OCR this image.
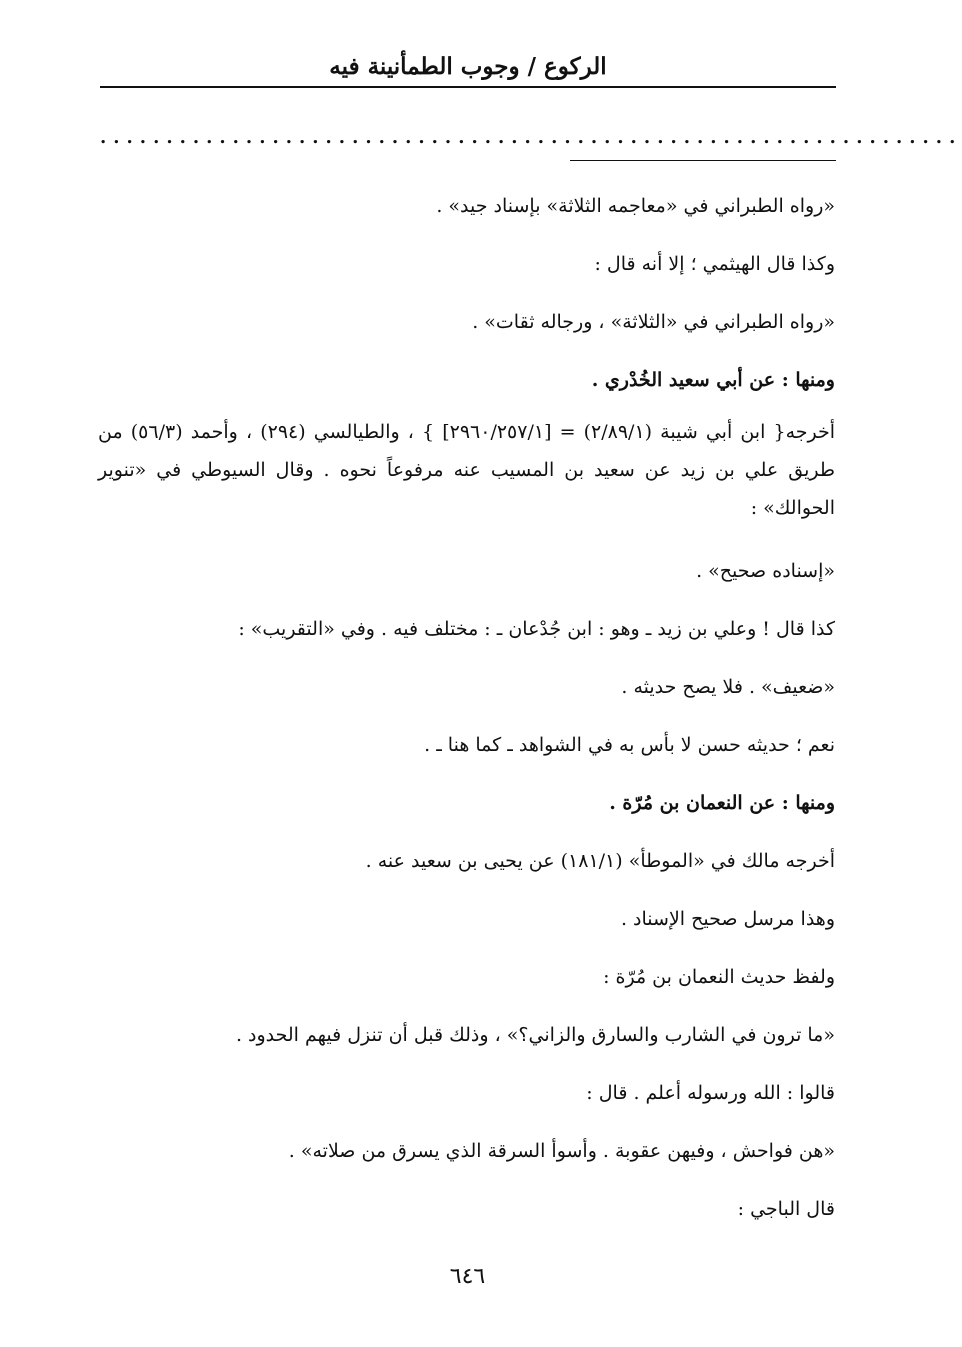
الركوع / وجوب الطمأنينة فيه
.................................................................
«رواه الطبراني في «معاجمه الثلاثة» بإسناد جيد» .
وكذا قال الهيثمي ؛ إلا أنه قال :
«رواه الطبراني في «الثلاثة» ، ورجاله ثقات» .
ومنها : عن أبي سعيد الخُدْري .
أخرجه{ ابن أبي شيبة (٢/٨٩/١) = [٢٩٦٠/٢٥٧/١] } ، والطيالسي (٢٩٤) ، وأحمد (٥٦/٣) من طريق علي بن زيد عن سعيد بن المسيب عنه مرفوعاً نحوه . وقال السيوطي في «تنوير الحوالك» :
«إسناده صحيح» .
كذا قال ! وعلي بن زيد ـ وهو : ابن جُدْعان ـ : مختلف فيه . وفي «التقريب» :
«ضعيف» . فلا يصح حديثه .
نعم ؛ حديثه حسن لا بأس به في الشواهد ـ كما هنا ـ .
ومنها : عن النعمان بن مُرّة .
أخرجه مالك في «الموطأ» (١٨١/١) عن يحيى بن سعيد عنه .
وهذا مرسل صحيح الإسناد .
ولفظ حديث النعمان بن مُرّة :
«ما ترون في الشارب والسارق والزاني؟» ، وذلك قبل أن تنزل فيهم الحدود .
قالوا : الله ورسوله أعلم . قال :
«هن فواحش ، وفيهن عقوبة . وأسوأ السرقة الذي يسرق من صلاته» .
قال الباجي :
٦٤٦
